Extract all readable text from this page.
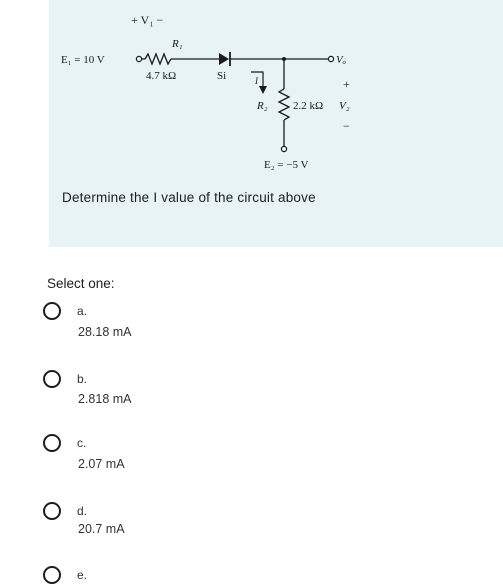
+ V₁ −
R₁
E₁ = 10 V
4.7 kΩ	Si
Vₒ
I
R₂ 2.2 kΩ
E₂ = −5 V
+
V₂
−
Determine the I value of the circuit above
Select one:
a.
28.18 mA
b.
2.818 mA
c.
2.07 mA
d.
20.7 mA
e.
